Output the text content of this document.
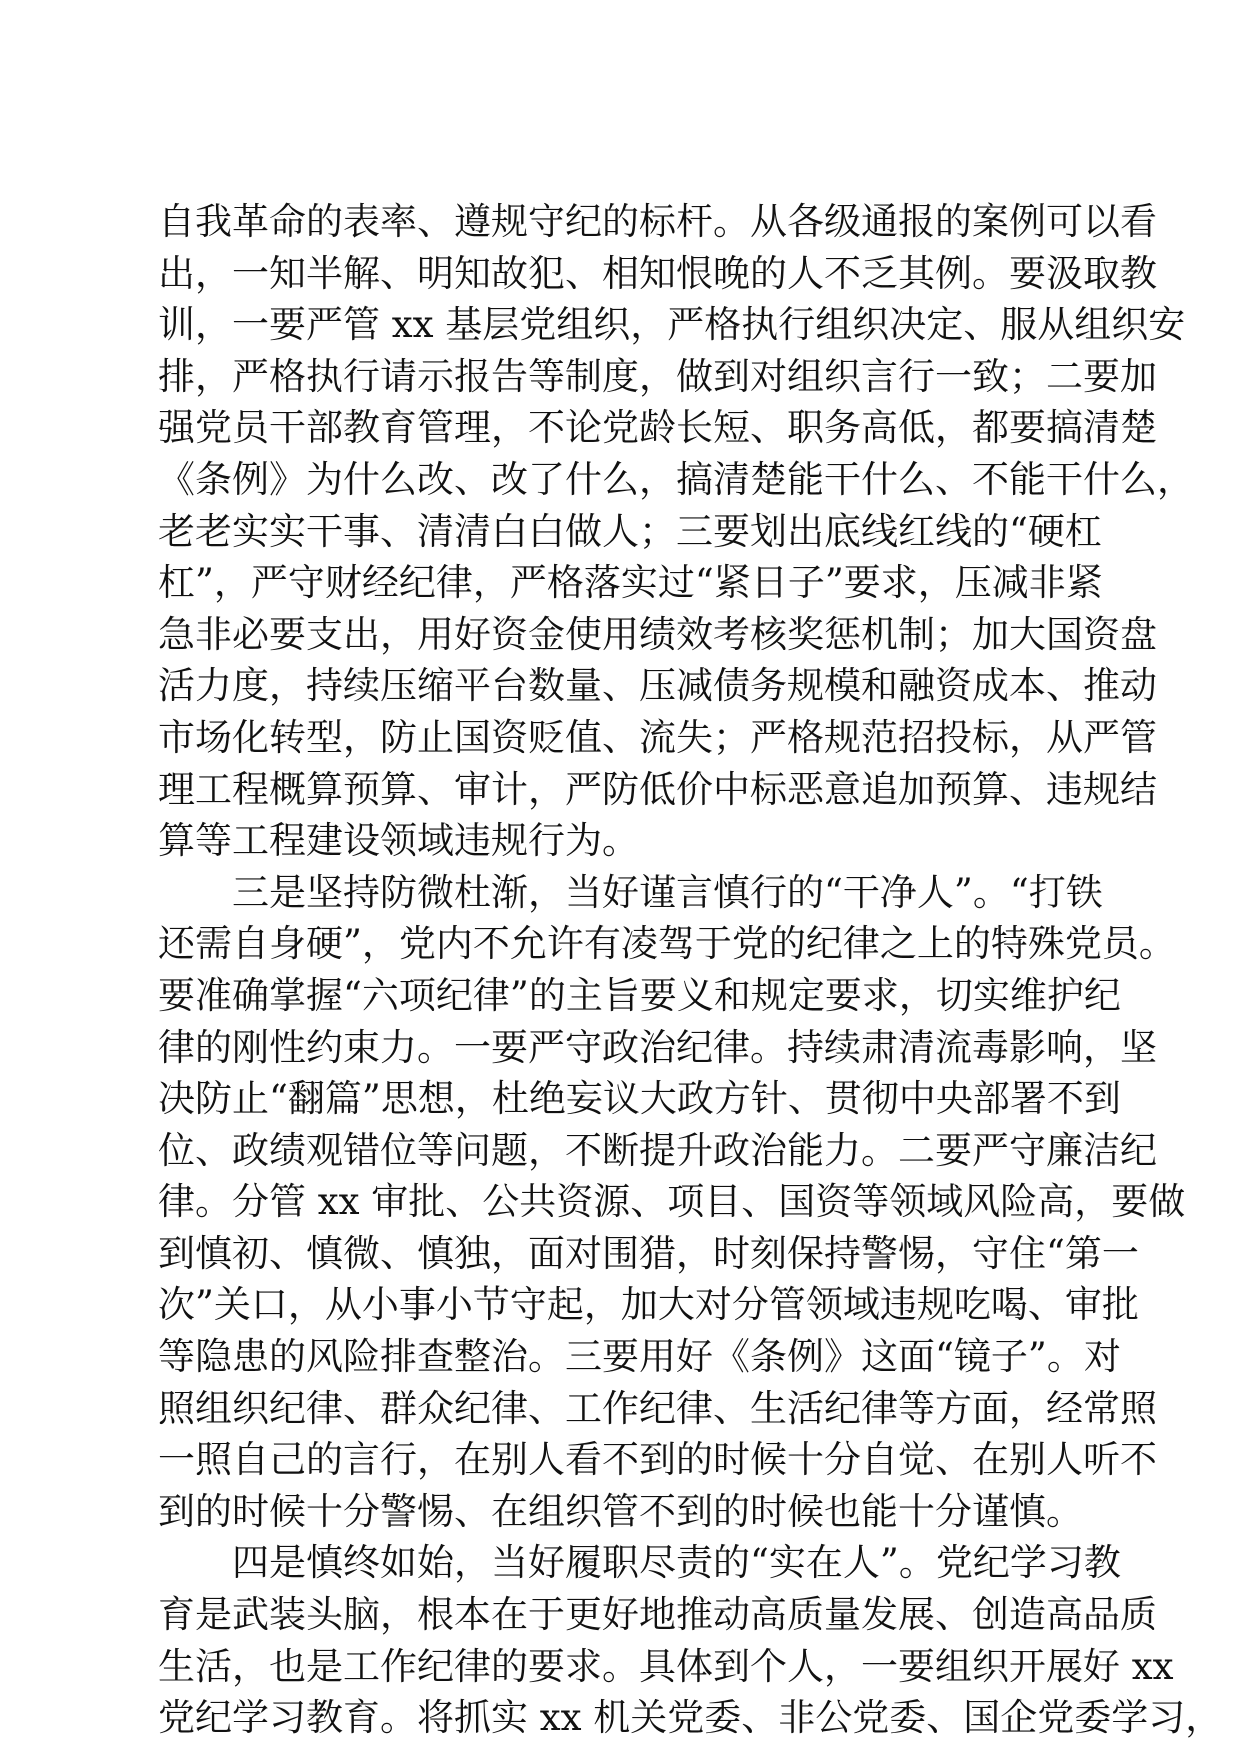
自我革命的表率、遵规守纪的标杆。从各级通报的案例可以看
出，一知半解、明知故犯、相知恨晚的人不乏其例。要汲取教
训，一要严管 xx 基层党组织，严格执行组织决定、服从组织安
排，严格执行请示报告等制度，做到对组织言行一致；二要加
强党员干部教育管理，不论党龄长短、职务高低，都要搞清楚
《条例》为什么改、改了什么，搞清楚能干什么、不能干什么，
老老实实干事、清清白白做人；三要划出底线红线的“硬杠
杠”，严守财经纪律，严格落实过“紧日子”要求，压减非紧
急非必要支出，用好资金使用绩效考核奖惩机制；加大国资盘
活力度，持续压缩平台数量、压减债务规模和融资成本、推动
市场化转型，防止国资贬值、流失；严格规范招投标，从严管
理工程概算预算、审计，严防低价中标恶意追加预算、违规结
算等工程建设领域违规行为。
三是坚持防微杜渐，当好谨言慎行的“干净人”。“打铁
还需自身硬”，党内不允许有凌驾于党的纪律之上的特殊党员。
要准确掌握“六项纪律”的主旨要义和规定要求，切实维护纪
律的刚性约束力。一要严守政治纪律。持续肃清流毒影响，坚
决防止“翻篇”思想，杜绝妄议大政方针、贯彻中央部署不到
位、政绩观错位等问题，不断提升政治能力。二要严守廉洁纪
律。分管 xx 审批、公共资源、项目、国资等领域风险高，要做
到慎初、慎微、慎独，面对围猎，时刻保持警惕，守住“第一
次”关口，从小事小节守起，加大对分管领域违规吃喝、审批
等隐患的风险排查整治。三要用好《条例》这面“镜子”。对
照组织纪律、群众纪律、工作纪律、生活纪律等方面，经常照
一照自己的言行，在别人看不到的时候十分自觉、在别人听不
到的时候十分警惕、在组织管不到的时候也能十分谨慎。
四是慎终如始，当好履职尽责的“实在人”。党纪学习教
育是武装头脑，根本在于更好地推动高质量发展、创造高品质
生活，也是工作纪律的要求。具体到个人，一要组织开展好 xx
党纪学习教育。将抓实 xx 机关党委、非公党委、国企党委学习，
